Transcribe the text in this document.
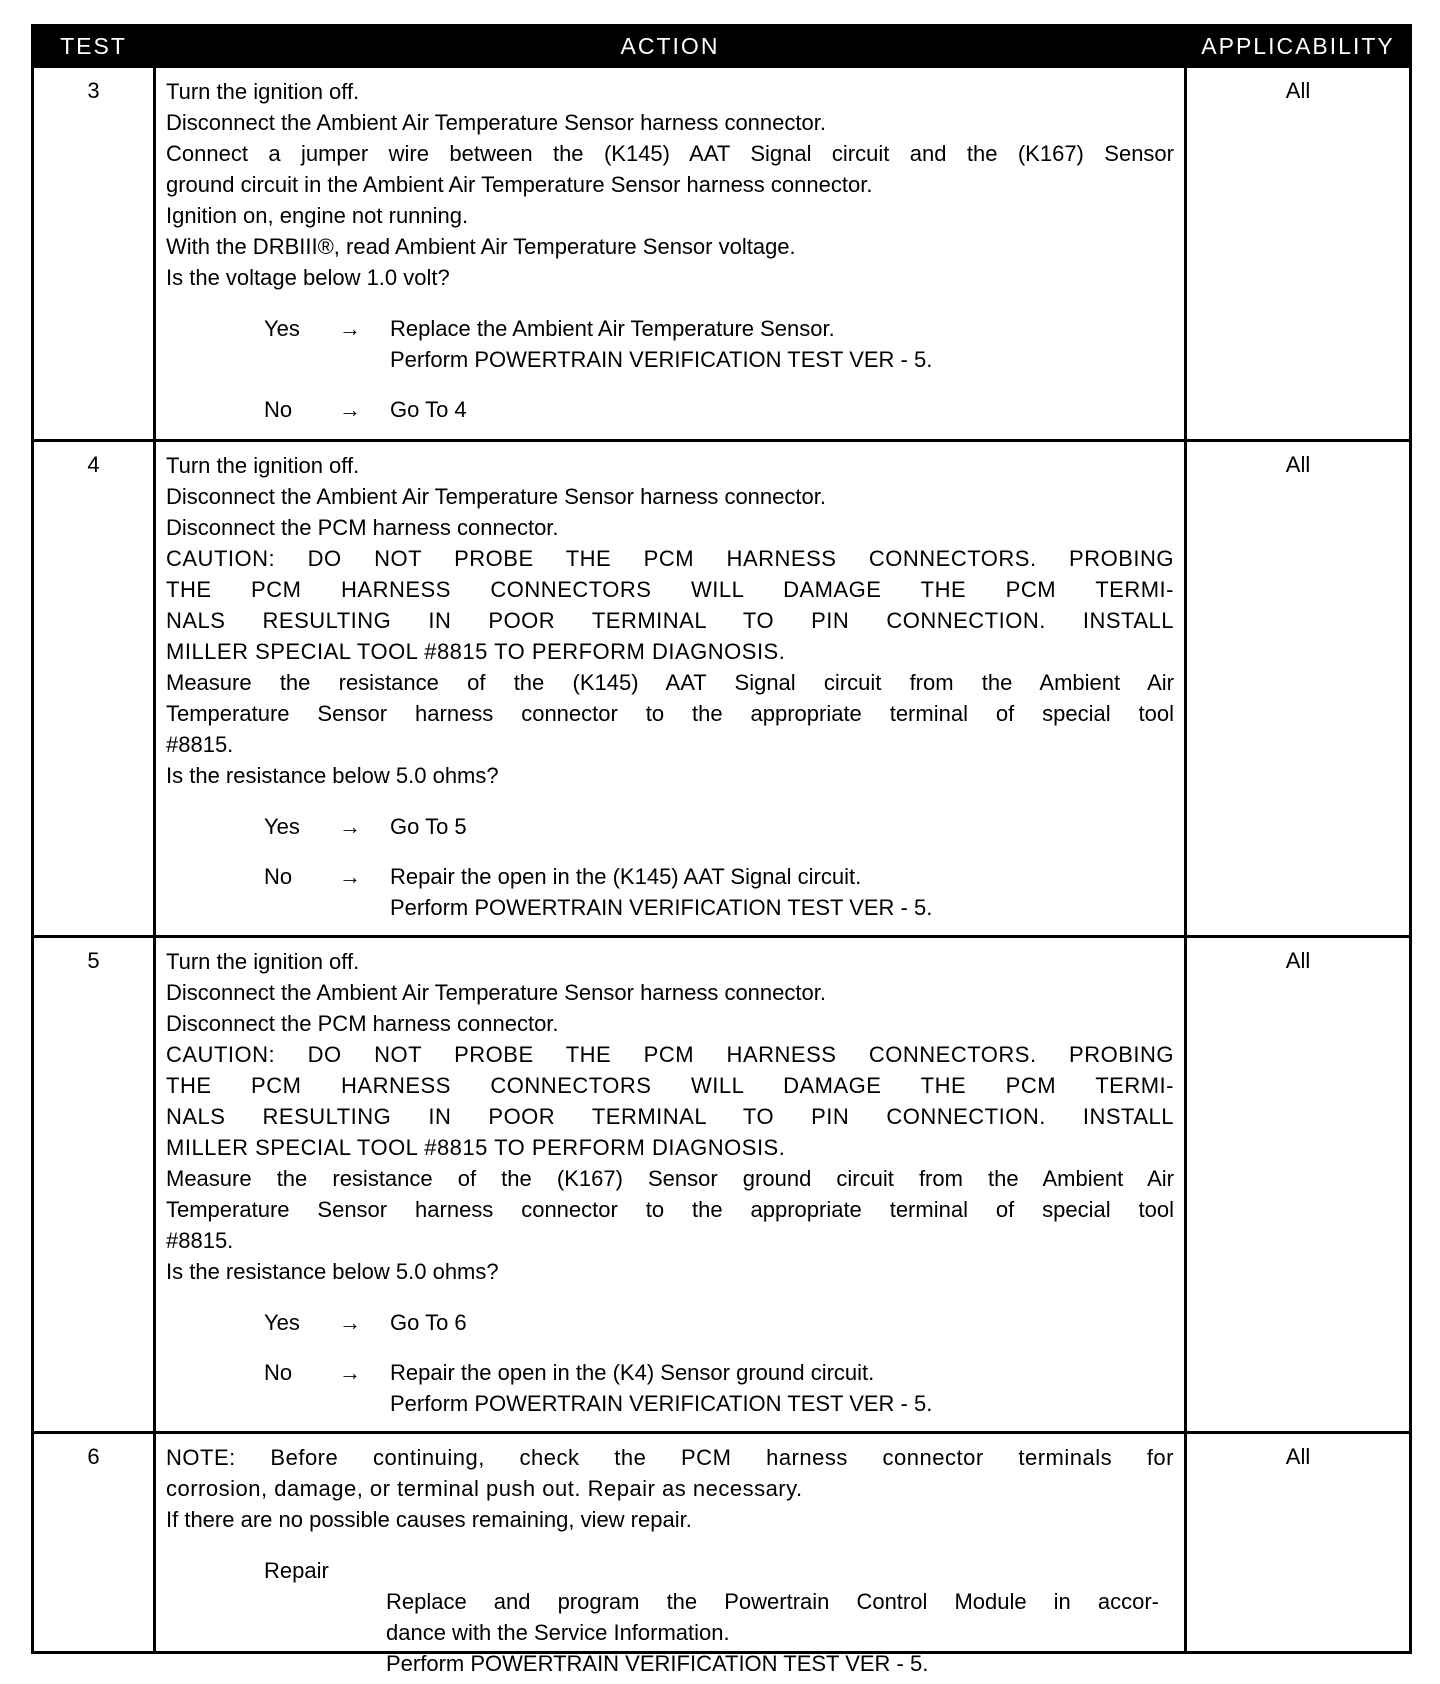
TEST	ACTION	APPLICABILITY
3	Turn the ignition off.
Disconnect the Ambient Air Temperature Sensor harness connector.
Connect a jumper wire between the (K145) AAT Signal circuit and the (K167) Sensor
ground circuit in the Ambient Air Temperature Sensor harness connector.
Ignition on, engine not running.
With the DRBIII®, read Ambient Air Temperature Sensor voltage.
Is the voltage below 1.0 volt?
Yes	→ Replace the Ambient Air Temperature Sensor.
Perform POWERTRAIN VERIFICATION TEST VER - 5.
No	→ Go To 4
All
4	Turn the ignition off.
Disconnect the Ambient Air Temperature Sensor harness connector.
Disconnect the PCM harness connector.
CAUTION: DO NOT PROBE THE PCM HARNESS CONNECTORS. PROBING
THE PCM HARNESS CONNECTORS WILL DAMAGE THE PCM TERMI-
NALS RESULTING IN POOR TERMINAL TO PIN CONNECTION. INSTALL
MILLER SPECIAL TOOL #8815 TO PERFORM DIAGNOSIS.
Measure the resistance of the (K145) AAT Signal circuit from the Ambient Air
Temperature Sensor harness connector to the appropriate terminal of special tool
#8815.
Is the resistance below 5.0 ohms?
Yes	→ Go To 5
No	→ Repair the open in the (K145) AAT Signal circuit.
Perform POWERTRAIN VERIFICATION TEST VER - 5.
All
5	Turn the ignition off.
Disconnect the Ambient Air Temperature Sensor harness connector.
Disconnect the PCM harness connector.
CAUTION: DO NOT PROBE THE PCM HARNESS CONNECTORS. PROBING
THE PCM HARNESS CONNECTORS WILL DAMAGE THE PCM TERMI-
NALS RESULTING IN POOR TERMINAL TO PIN CONNECTION. INSTALL
MILLER SPECIAL TOOL #8815 TO PERFORM DIAGNOSIS.
Measure the resistance of the (K167) Sensor ground circuit from the Ambient Air
Temperature Sensor harness connector to the appropriate terminal of special tool
#8815.
Is the resistance below 5.0 ohms?
Yes	→ Go To 6
No	→ Repair the open in the (K4) Sensor ground circuit.
Perform POWERTRAIN VERIFICATION TEST VER - 5.
All
6	NOTE: Before continuing, check the PCM harness connector terminals for
corrosion, damage, or terminal push out. Repair as necessary.
If there are no possible causes remaining, view repair.
Repair
Replace and program the Powertrain Control Module in accor-
dance with the Service Information.
Perform POWERTRAIN VERIFICATION TEST VER - 5.
All
